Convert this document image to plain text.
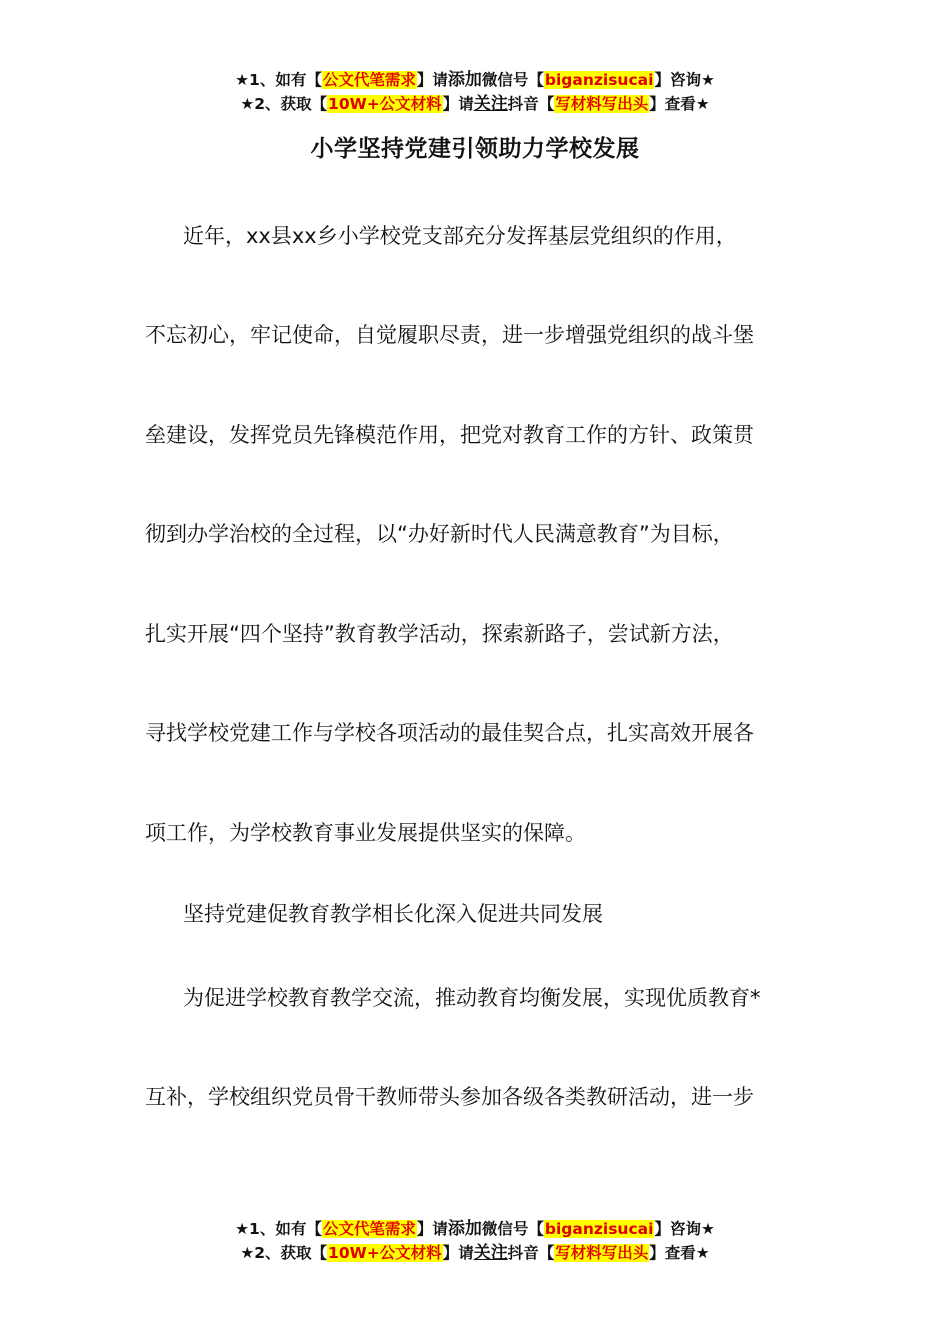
★1、如有【公文代笔需求】请添加微信号【biganzisucai】咨询★
★2、获取【10W+公文材料】请关注抖音【写材料写出头】查看★
小学坚持党建引领助力学校发展
近年，xx县xx乡小学校党支部充分发挥基层党组织的作用，
不忘初心，牢记使命，自觉履职尽责，进一步增强党组织的战斗堡
垒建设，发挥党员先锋模范作用，把党对教育工作的方针、政策贯
彻到办学治校的全过程，以“办好新时代人民满意教育”为目标，
扎实开展“四个坚持”教育教学活动，探索新路子，尝试新方法，
寻找学校党建工作与学校各项活动的最佳契合点，扎实高效开展各
项工作，为学校教育事业发展提供坚实的保障。
坚持党建促教育教学相长化深入促进共同发展
为促进学校教育教学交流，推动教育均衡发展，实现优质教育*
互补，学校组织党员骨干教师带头参加各级各类教研活动，进一步
★1、如有【公文代笔需求】请添加微信号【biganzisucai】咨询★
★2、获取【10W+公文材料】请关注抖音【写材料写出头】查看★
